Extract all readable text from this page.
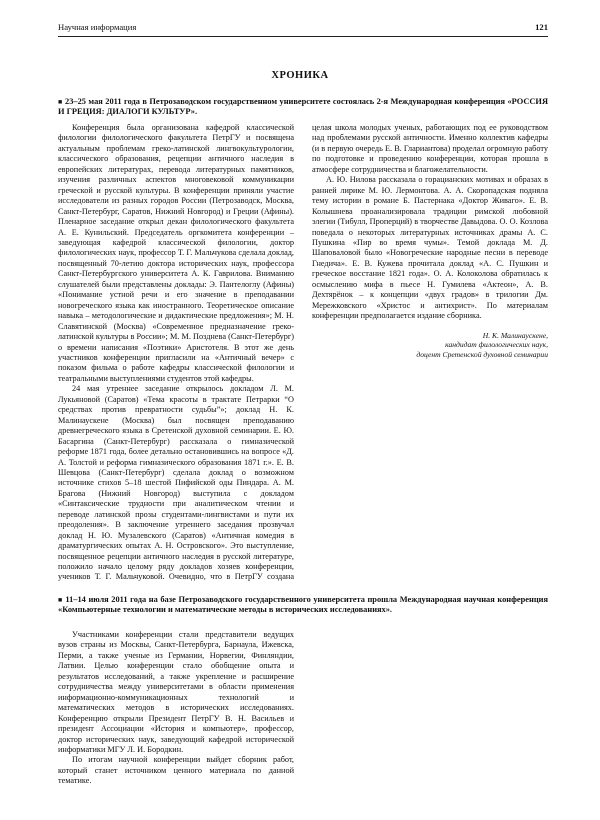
Научная информация	121
ХРОНИКА
■ 23–25 мая 2011 года в Петрозаводском государственном университете состоялась 2-я Международная конференция «РОССИЯ И ГРЕЦИЯ: ДИАЛОГИ КУЛЬТУР».

Конференция была организована кафедрой классической филологии филологического факультета ПетрГУ и посвящена актуальным проблемам греко-латинской лингвокультурологии, классического образования, рецепции античного наследия в европейских литературах, перевода литературных памятников, изучения различных аспектов многовековой коммуникации греческой и русской культуры. В конференции приняли участие исследователи из разных городов России (Петрозаводск, Москва, Санкт-Петербург, Саратов, Нижний Новгород) и Греции (Афины). Пленарное заседание открыл декан филологического факультета А. Е. Кунильский. Председатель оргкомитета конференции – заведующая кафедрой классической филологии, доктор филологических наук, профессор Т. Г. Мальчукова сделала доклад, посвященный 70-летию доктора исторических наук, профессора Санкт-Петербургского университета А. К. Гаврилова. Вниманию слушателей были представлены доклады: Э. Пантелоглу (Афины) «Понимание устной речи и его значение в преподавании новогреческого языка как иностранного. Теоретическое описание навыка – методологические и дидактические предложения»; М. Н. Славятинской (Москва) «Современное предназначение греко-латинской культуры в России»; М. М. Поздневa (Санкт-Петербург) о времени написания «Поэтики» Аристотеля. В этот же день участников конференции пригласили на «Античный вечер» с показом фильма о работе кафедры классической филологии и театральными выступлениями студентов этой кафедры.

24 мая утреннее заседание открылось докладом Л. М. Лукьяновой (Саратов) «Тема красоты в трактате Петрарки “О средствах против превратности судьбы”»; доклад Н. К. Малинаускене (Москва) был посвящен преподаванию древнегреческого языка в Сретенской духовной семинарии. Е. Ю. Басаргина (Санкт-Петербург) рассказала о гимназической реформе 1871 года, более детально остановившись на вопросе «Д. А. Толстой и реформа гимназического образования 1871 г.». Е. В. Шевцова (Санкт-Петербург) сделала доклад о возможном источнике стихов 5–18 шестой Пифийской оды Пиндара. А. М. Брагова (Нижний Новгород) выступила с докладом «Синтаксические трудности при аналитическом чтении и переводе латинской прозы студентами-лингвистами и пути их преодоления». В заключение утреннего заседания прозвучал доклад Н. Ю. Музалевского (Саратов) «Античная комедия в драматургических опытах А. Н. Островского». Это выступление, посвященное рецепции античного наследия в русской литературе, положило начало целому ряду докладов хозяев конференции, учеников Т. Г. Мальчуковой. Очевидно, что в ПетрГУ создана целая школа молодых ученых, работающих под ее руководством над проблемами русской античности. Именно коллектив кафедры (и в первую очередь Е. В. Глариантова) проделал огромную работу по подготовке и проведению конференции, которая прошла в атмосфере сотрудничества и благожелательности.

А. Ю. Нилова рассказала о горацианских мотивах и образах в ранней лирике М. Ю. Лермонтова. А. А. Скоропадская подняла тему истории в романе Б. Пастернака «Доктор Живаго». Е. В. Колышнева проанализировала традиции римской любовной элегии (Тибулл, Проперций) в творчестве Давыдова. О. О. Козлова поведала о некоторых литературных источниках драмы А. С. Пушкина «Пир во время чумы». Темой доклада М. Д. Шаповаловой было «Новогреческие народные песни в переводе Гнедича». Е. В. Кужева прочитала доклад «А. С. Пушкин и греческое восстание 1821 года». О. А. Колоколова обратилась к осмыслению мифа в пьесе Н. Гумилева «Актеон», А. В. Дехтярёнок – к концепции «двух градов» в трилогии Дм. Мережковского «Христос и антихрист». По материалам конференции предполагается издание сборника.

Н. К. Малинаускене,
кандидат филологических наук,
доцент Сретенской духовной семинарии
■ 11–14 июля 2011 года на базе Петрозаводского государственного университета прошла Международная научная конференция «Компьютерные технологии и математические методы в исторических исследованиях».

Участниками конференции стали представители ведущих вузов страны из Москвы, Санкт-Петербурга, Барнаула, Ижевска, Перми, а также ученые из Германии, Норвегии, Финляндии, Латвии. Целью конференции стало обобщение опыта и результатов исследований, а также укрепление и расширение сотрудничества между университетами в области применения информационно-коммуникационных технологий и математических методов в исторических исследованиях. Конференцию открыли Президент ПетрГУ В. Н. Васильев и президент Ассоциации «История и компьютер», профессор, доктор исторических наук, заведующий кафедрой исторической информатики МГУ Л. И. Бородкин.

По итогам научной конференции выйдет сборник работ, который станет источником ценного материала по данной тематике.
